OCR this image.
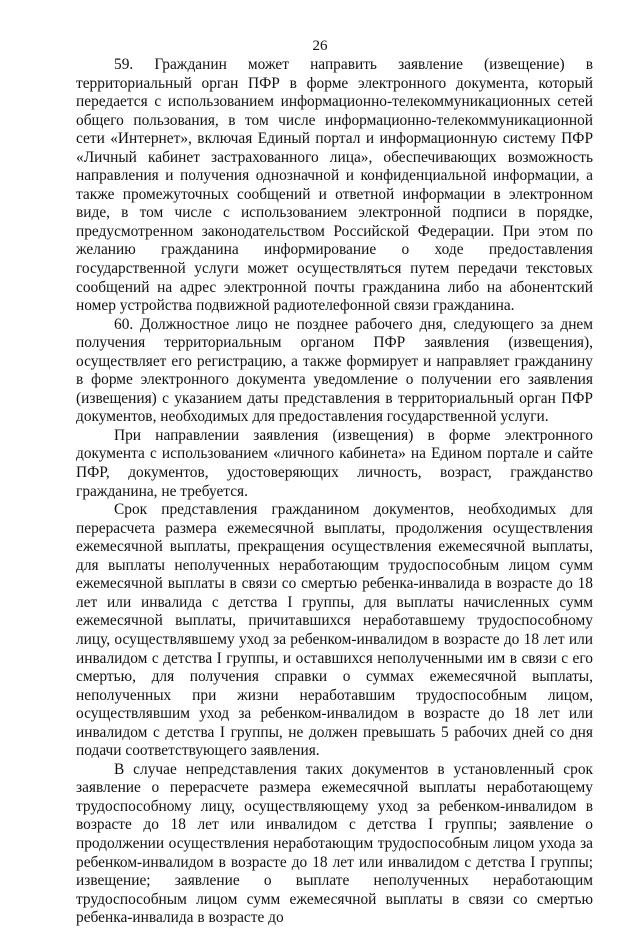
26

59. Гражданин может направить заявление (извещение) в территориальный орган ПФР в форме электронного документа, который передается с использованием информационно-телекоммуникационных сетей общего пользования, в том числе информационно-телекоммуникационной сети «Интернет», включая Единый портал и информационную систему ПФР «Личный кабинет застрахованного лица», обеспечивающих возможность направления и получения однозначной и конфиденциальной информации, а также промежуточных сообщений и ответной информации в электронном виде, в том числе с использованием электронной подписи в порядке, предусмотренном законодательством Российской Федерации. При этом по желанию гражданина информирование о ходе предоставления государственной услуги может осуществляться путем передачи текстовых сообщений на адрес электронной почты гражданина либо на абонентский номер устройства подвижной радиотелефонной связи гражданина.

60. Должностное лицо не позднее рабочего дня, следующего за днем получения территориальным органом ПФР заявления (извещения), осуществляет его регистрацию, а также формирует и направляет гражданину в форме электронного документа уведомление о получении его заявления (извещения) с указанием даты представления в территориальный орган ПФР документов, необходимых для предоставления государственной услуги.

При направлении заявления (извещения) в форме электронного документа с использованием «личного кабинета» на Едином портале и сайте ПФР, документов, удостоверяющих личность, возраст, гражданство гражданина, не требуется.

Срок представления гражданином документов, необходимых для перерасчета размера ежемесячной выплаты, продолжения осуществления ежемесячной выплаты, прекращения осуществления ежемесячной выплаты, для выплаты неполученных неработающим трудоспособным лицом сумм ежемесячной выплаты в связи со смертью ребенка-инвалида в возрасте до 18 лет или инвалида с детства I группы, для выплаты начисленных сумм ежемесячной выплаты, причитавшихся неработавшему трудоспособному лицу, осуществлявшему уход за ребенком-инвалидом в возрасте до 18 лет или инвалидом с детства I группы, и оставшихся неполученными им в связи с его смертью, для получения справки о суммах ежемесячной выплаты, неполученных при жизни неработавшим трудоспособным лицом, осуществлявшим уход за ребенком-инвалидом в возрасте до 18 лет или инвалидом с детства I группы, не должен превышать 5 рабочих дней со дня подачи соответствующего заявления.

В случае непредставления таких документов в установленный срок заявление о перерасчете размера ежемесячной выплаты неработающему трудоспособному лицу, осуществляющему уход за ребенком-инвалидом в возрасте до 18 лет или инвалидом с детства I группы; заявление о продолжении осуществления неработающим трудоспособным лицом ухода за ребенком-инвалидом в возрасте до 18 лет или инвалидом с детства I группы; извещение; заявление о выплате неполученных неработающим трудоспособным лицом сумм ежемесячной выплаты в связи со смертью ребенка-инвалида в возрасте до
